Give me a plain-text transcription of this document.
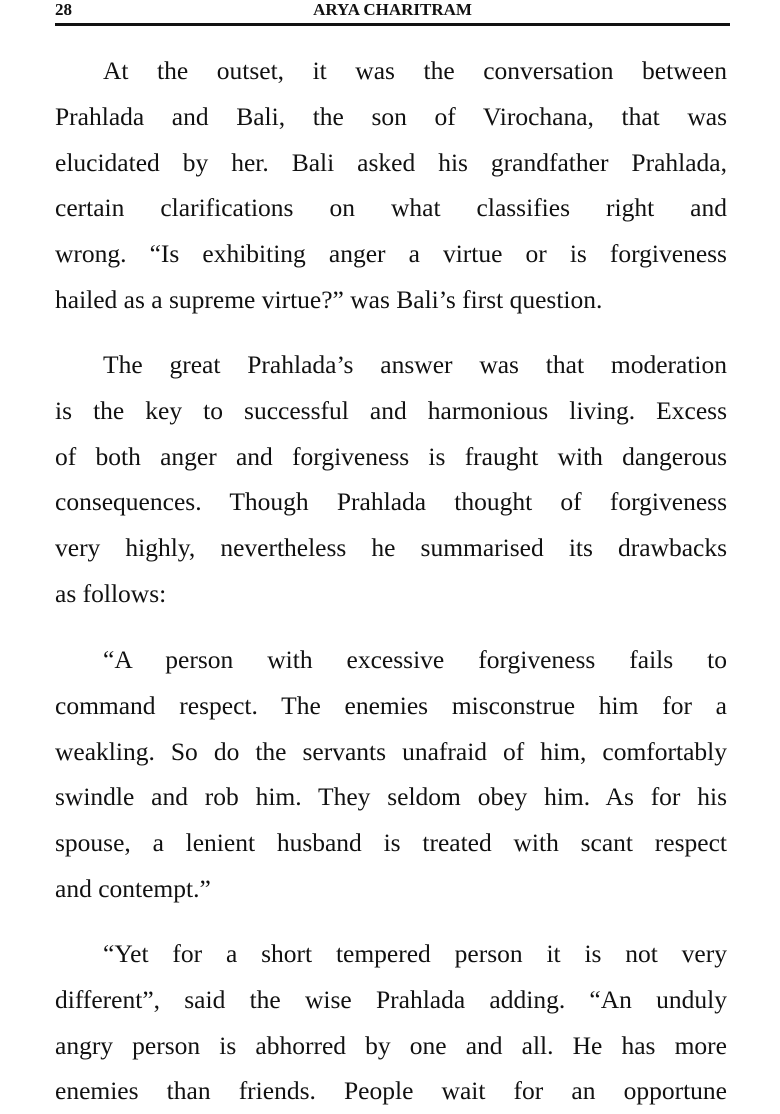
28	ARYA CHARITRAM
At the outset, it was the conversation between
Prahlada and Bali, the son of Virochana, that was
elucidated by her. Bali asked his grandfather Prahlada,
certain clarifications on what classifies right and
wrong. “Is exhibiting anger a virtue or is forgiveness
hailed as a supreme virtue?” was Bali’s first question.
The great Prahlada’s answer was that moderation
is the key to successful and harmonious living. Excess
of both anger and forgiveness is fraught with dangerous
consequences. Though Prahlada thought of forgiveness
very highly, nevertheless he summarised its drawbacks
as follows:
“A person with excessive forgiveness fails to
command respect. The enemies misconstrue him for a
weakling. So do the servants unafraid of him, comfortably
swindle and rob him. They seldom obey him. As for his
spouse, a lenient husband is treated with scant respect
and contempt.”
“Yet for a short tempered person it is not very
different”, said the wise Prahlada adding. “An unduly
angry person is abhorred by one and all. He has more
enemies than friends. People wait for an opportune
